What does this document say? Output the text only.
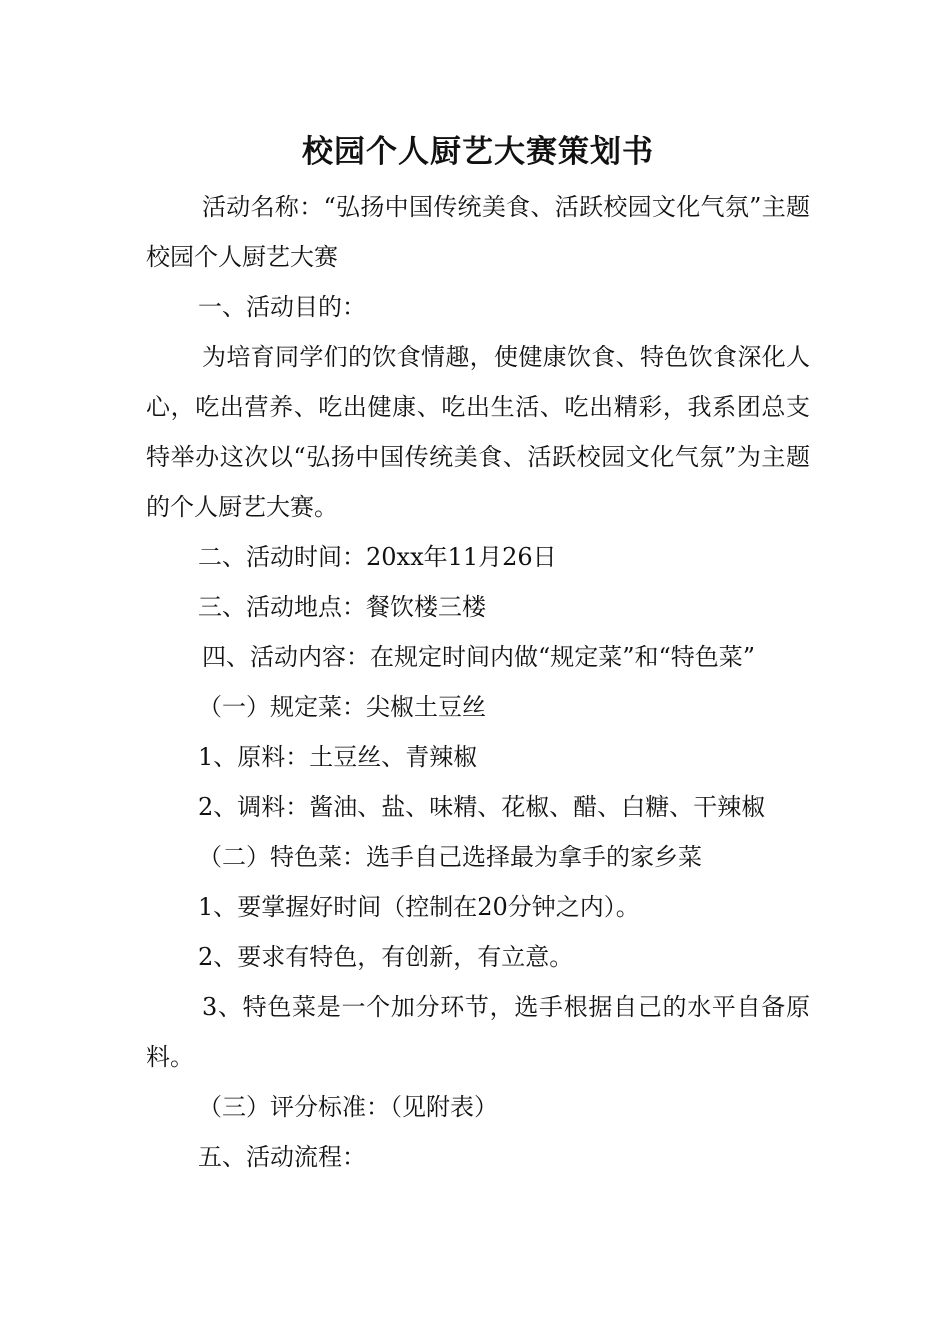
校园个人厨艺大赛策划书

活动名称：“弘扬中国传统美食、活跃校园文化气氛”主题校园个人厨艺大赛

一、活动目的：

为培育同学们的饮食情趣，使健康饮食、特色饮食深化人心，吃出营养、吃出健康、吃出生活、吃出精彩，我系团总支特举办这次以“弘扬中国传统美食、活跃校园文化气氛”为主题的个人厨艺大赛。

二、活动时间：20xx年11月26日

三、活动地点：餐饮楼三楼

四、活动内容：在规定时间内做“规定菜”和“特色菜”

（一）规定菜：尖椒土豆丝

1、原料：土豆丝、青辣椒

2、调料：酱油、盐、味精、花椒、醋、白糖、干辣椒

（二）特色菜：选手自己选择最为拿手的家乡菜

1、要掌握好时间（控制在20分钟之内）。

2、要求有特色，有创新，有立意。

3、特色菜是一个加分环节，选手根据自己的水平自备原料。

（三）评分标准：（见附表）

五、活动流程：
